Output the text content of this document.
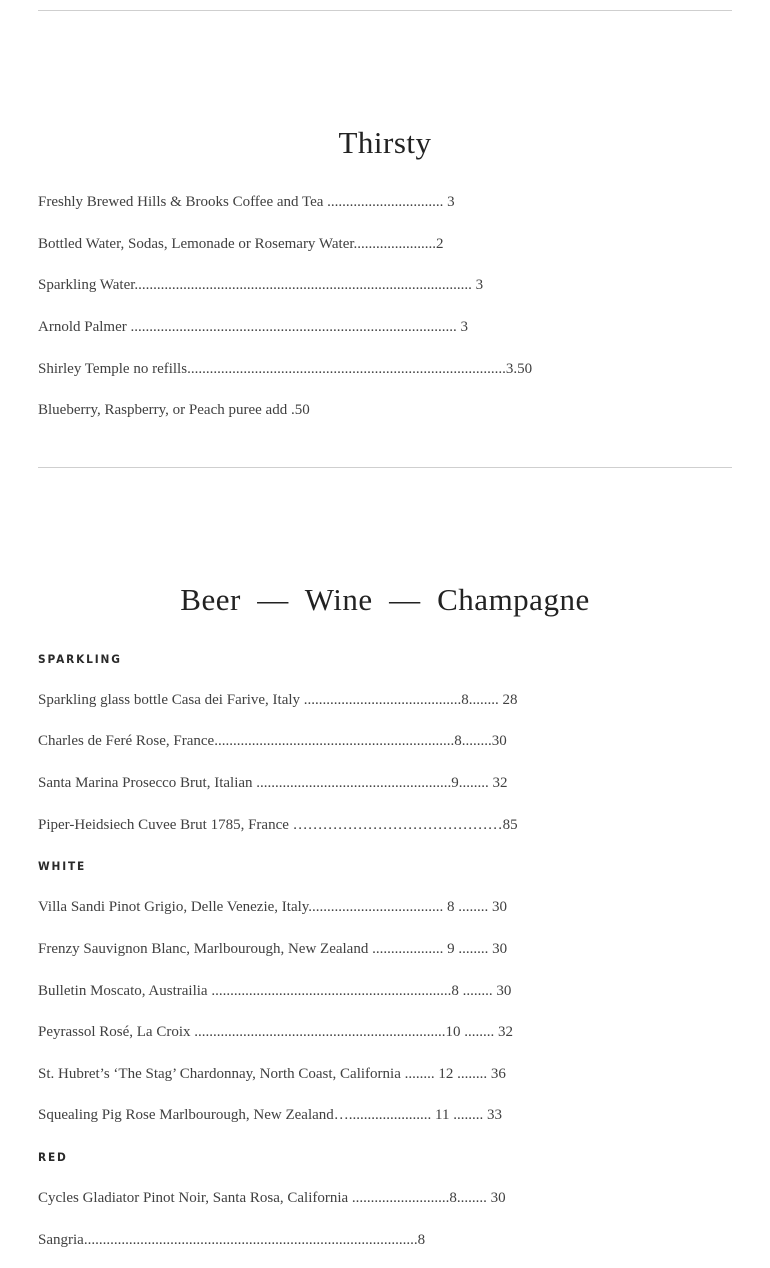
Thirsty
Freshly Brewed Hills & Brooks Coffee and Tea ............................... 3
Bottled Water, Sodas, Lemonade or Rosemary Water......................2
Sparkling Water.......................................................................................... 3
Arnold Palmer ....................................................................................... 3
Shirley Temple no refills.....................................................................................3.50
Blueberry, Raspberry, or Peach puree add .50
Beer  —  Wine  —  Champagne
SPARKLING
Sparkling glass bottle Casa dei Farive, Italy ..........................................8........ 28
Charles de Feré Rose, France................................................................8........30
Santa Marina Prosecco Brut, Italian ....................................................9........ 32
Piper-Heidsiech Cuvee Brut 1785, France ……………………………………85
WHITE
Villa Sandi Pinot Grigio, Delle Venezie, Italy.................................... 8 ........ 30
Frenzy Sauvignon Blanc, Marlbourough, New Zealand ................... 9 ........ 30
Bulletin Moscato, Austrailia ................................................................8 ........ 30
Peyrassol Rosé, La Croix ...................................................................10 ........ 32
St. Hubret’s ‘The Stag’ Chardonnay, North Coast, California ........ 12 ........ 36
Squealing Pig Rose Marlbourough, New Zealand…...................... 11 ........ 33
RED
Cycles Gladiator Pinot Noir, Santa Rosa, California ..........................8........ 30
Sangria.........................................................................................8
